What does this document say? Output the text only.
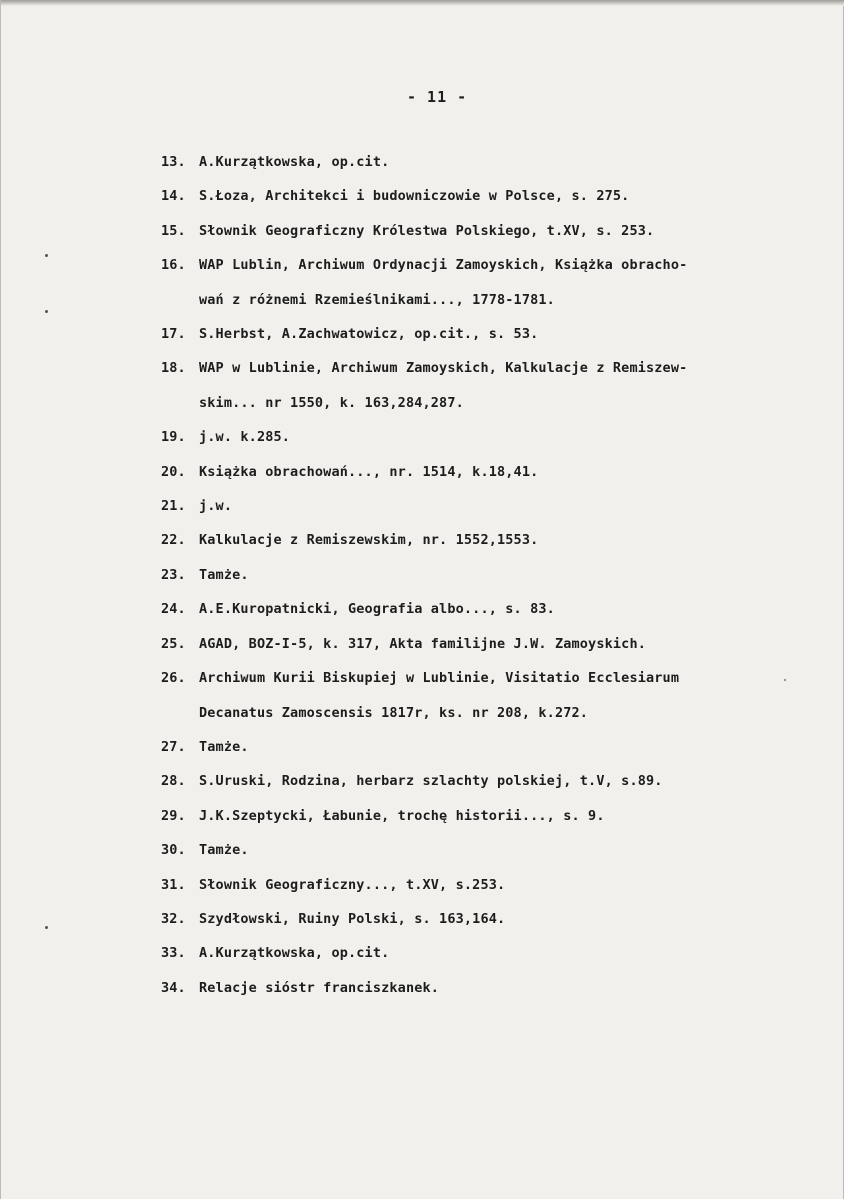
- 11 -
13. A.Kurzątkowska, op.cit.
14. S.Łoza, Architekci i budowniczowie w Polsce, s. 275.
15. Słownik Geograficzny Królestwa Polskiego, t.XV, s. 253.
16. WAP Lublin, Archiwum Ordynacji Zamoyskich, Książka obracho-
wań z różnemi Rzemieślnikami..., 1778-1781.
17. S.Herbst, A.Zachwatowicz, op.cit., s. 53.
18. WAP w Lublinie, Archiwum Zamoyskich, Kalkulacje z Remiszew-
skim... nr 1550, k. 163,284,287.
19. j.w. k.285.
20. Książka obrachowań..., nr. 1514, k.18,41.
21. j.w.
22. Kalkulacje z Remiszewskim, nr. 1552,1553.
23. Tamże.
24. A.E.Kuropatnicki, Geografia albo..., s. 83.
25. AGAD, BOZ-I-5, k. 317, Akta familijne J.W. Zamoyskich.
26. Archiwum Kurii Biskupiej w Lublinie, Visitatio Ecclesiarum
Decanatus Zamoscensis 1817r, ks. nr 208, k.272.
27. Tamże.
28. S.Uruski, Rodzina, herbarz szlachty polskiej, t.V, s.89.
29. J.K.Szeptycki, Łabunie, trochę historii..., s. 9.
30. Tamże.
31. Słownik Geograficzny..., t.XV, s.253.
32. Szydłowski, Ruiny Polski, s. 163,164.
33. A.Kurzątkowska, op.cit.
34. Relacje sióstr franciszkanek.
